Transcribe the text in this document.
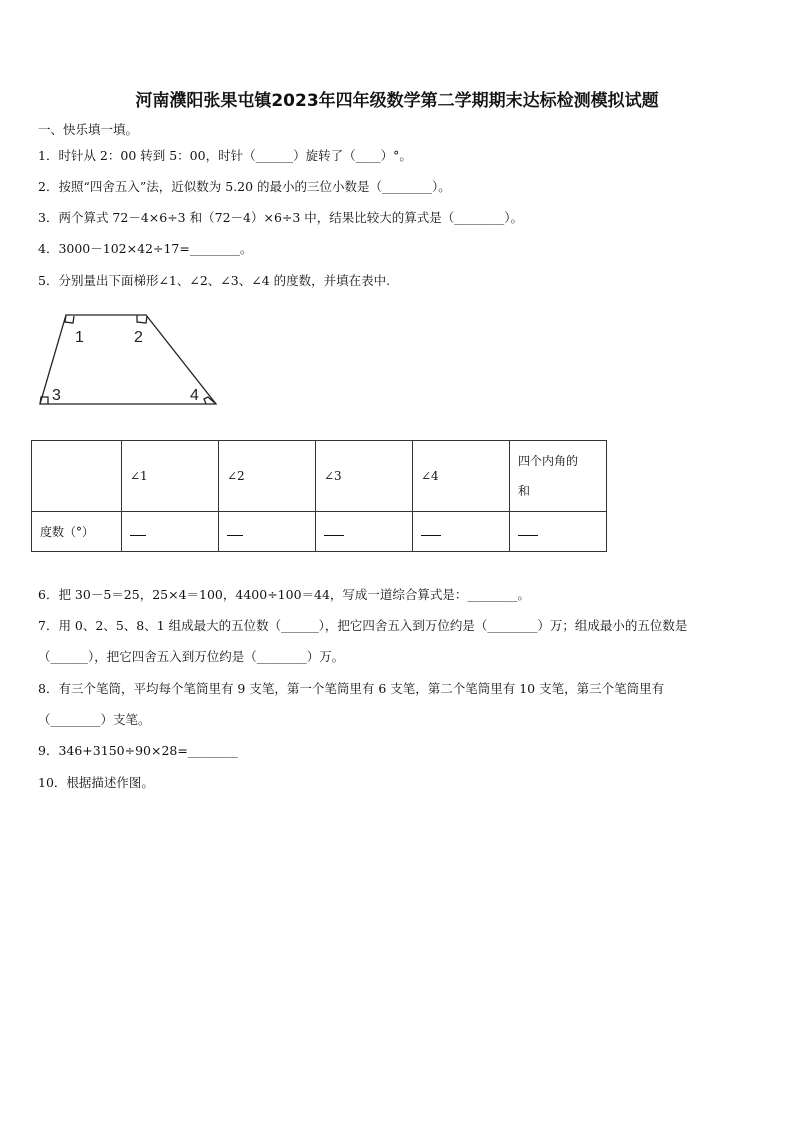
河南濮阳张果屯镇2023年四年级数学第二学期期末达标检测模拟试题
一、快乐填一填。
1．时针从 2：00 转到 5：00，时针（______）旋转了（____）°。
2．按照“四舍五入”法，近似数为 5.20 的最小的三位小数是（________）。
3．两个算式 72－4×6÷3 和（72－4）×6÷3 中，结果比较大的算式是（________）。
4．3000－102×42÷17=________。
5．分别量出下面梯形∠1、∠2、∠3、∠4 的度数，并填在表中.
1	2
3	4
	∠1	∠2	∠3	∠4	四个内角的
和
度数（°）					
6．把 30－5＝25，25×4＝100，4400÷100＝44，写成一道综合算式是：________。
7．用 0、2、5、8、1 组成最大的五位数（______），把它四舍五入到万位约是（________）万；组成最小的五位数是
（______），把它四舍五入到万位约是（________）万。
8．有三个笔筒，平均每个笔筒里有 9 支笔，第一个笔筒里有 6 支笔，第二个笔筒里有 10 支笔，第三个笔筒里有
（________）支笔。
9．346+3150÷90×28=________
10．根据描述作图。
